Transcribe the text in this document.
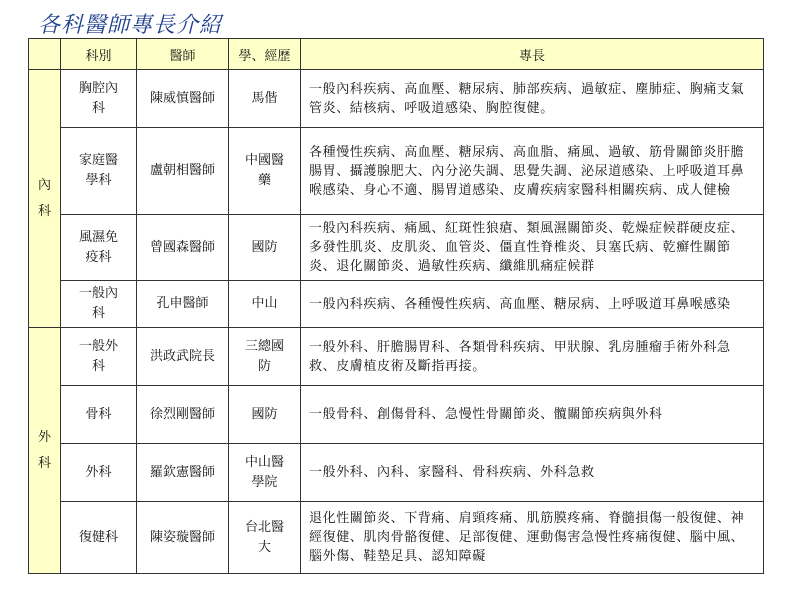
各科醫師專長介紹
	科別	醫師	學、經歷	專長
內科	胸腔內科	陳威慎醫師	馬偕	一般內科疾病、高血壓、糖尿病、肺部疾病、過敏症、塵肺症、胸痛支氣管炎、結核病、呼吸道感染、胸腔復健。
	家庭醫學科	盧朝相醫師	中國醫藥	各種慢性疾病、高血壓、糖尿病、高血脂、痛風、過敏、筋骨關節炎肝膽腸胃、攝護腺肥大、內分泌失調、思覺失調、泌尿道感染、上呼吸道耳鼻喉感染、身心不適、腸胃道感染、皮膚疾病家醫科相關疾病、成人健檢
	風濕免疫科	曾國森醫師	國防	一般內科疾病、痛風、紅斑性狼瘡、類風濕關節炎、乾燥症候群硬皮症、多發性肌炎、皮肌炎、血管炎、僵直性脊椎炎、貝塞氏病、乾癬性關節炎、退化關節炎、過敏性疾病、纖維肌痛症候群
	一般內科	孔申醫師	中山	一般內科疾病、各種慢性疾病、高血壓、糖尿病、上呼吸道耳鼻喉感染
外科	一般外科	洪政武院長	三總國防	一般外科、肝膽腸胃科、各類骨科疾病、甲狀腺、乳房腫瘤手術外科急救、皮膚植皮術及斷指再接。
	骨科	徐烈剛醫師	國防	一般骨科、創傷骨科、急慢性骨關節炎、髖關節疾病與外科
	外科	羅欽憲醫師	中山醫學院	一般外科、內科、家醫科、骨科疾病、外科急救
	復健科	陳姿璇醫師	台北醫大	退化性關節炎、下背痛、肩頸疼痛、肌筋膜疼痛、脊髓損傷一般復健、神經復健、肌肉骨骼復健、足部復健、運動傷害急慢性疼痛復健、腦中風、腦外傷、鞋墊足具、認知障礙
